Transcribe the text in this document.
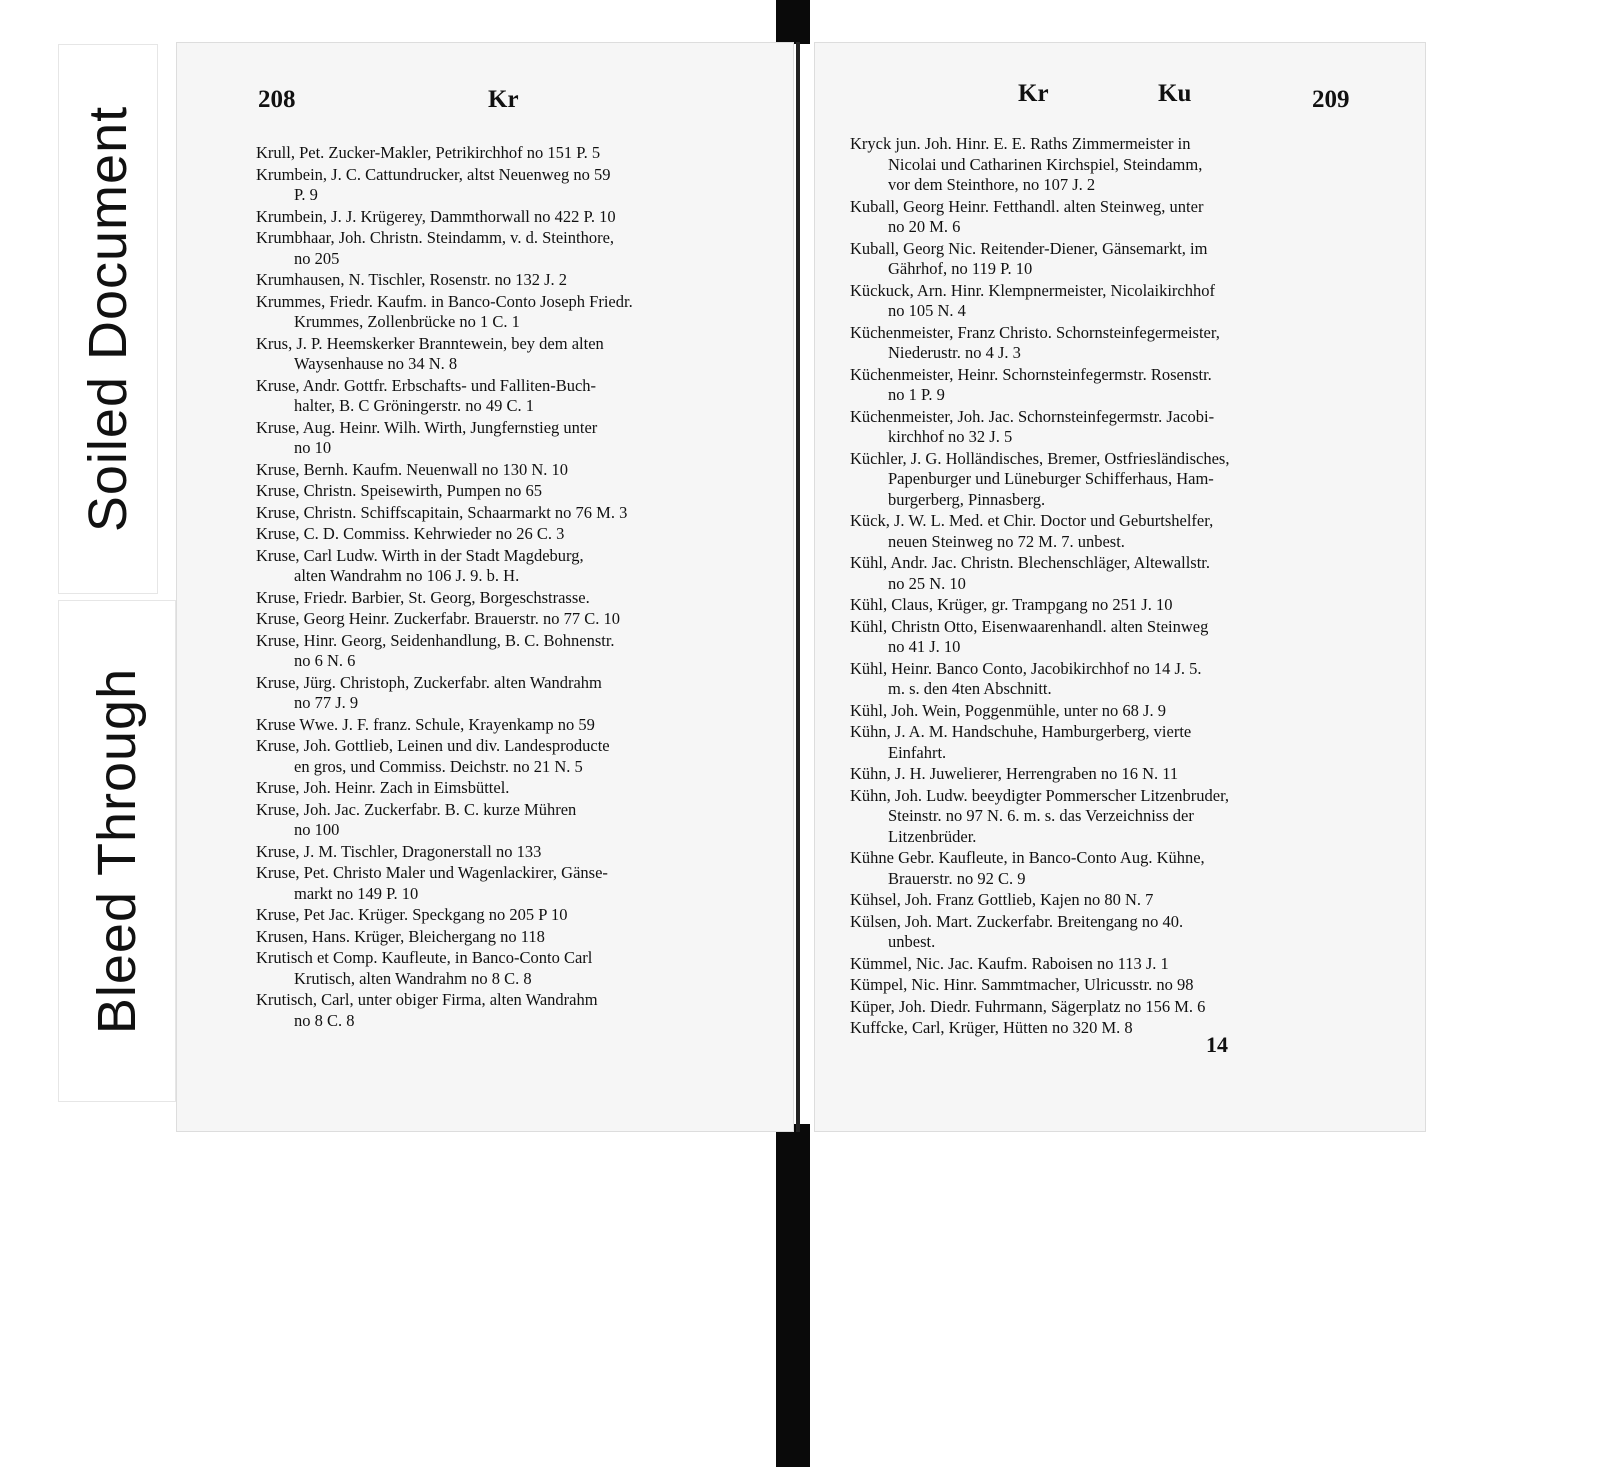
Soiled Document
Bleed Through
208	Kr	Kr	Ku	209
Krull, Pet. Zucker-Makler, Petrikirchhof no 151 P. 5
Krumbein, J. C. Cattundrucker, altst Neuenweg no 59
P. 9
Krumbein, J. J. Krügerey, Dammthorwall no 422 P. 10
Krumbhaar, Joh. Christn. Steindamm, v. d. Steinthore,
no 205
Krumhausen, N. Tischler, Rosenstr. no 132 J. 2
Krummes, Friedr. Kaufm. in Banco-Conto Joseph Friedr.
Krummes, Zollenbrücke no 1 C. 1
Krus, J. P. Heemskerker Branntewein, bey dem alten
Waysenhause no 34 N. 8
Kruse, Andr. Gottfr. Erbschafts- und Falliten-Buch-
halter, B. C Gröningerstr. no 49 C. 1
Kruse, Aug. Heinr. Wilh. Wirth, Jungfernstieg unter
no 10
Kruse, Bernh. Kaufm. Neuenwall no 130 N. 10
Kruse, Christn. Speisewirth, Pumpen no 65
Kruse, Christn. Schiffscapitain, Schaarmarkt no 76 M. 3
Kruse, C. D. Commiss. Kehrwieder no 26 C. 3
Kruse, Carl Ludw. Wirth in der Stadt Magdeburg,
alten Wandrahm no 106 J. 9. b. H.
Kruse, Friedr. Barbier, St. Georg, Borgeschstrasse.
Kruse, Georg Heinr. Zuckerfabr. Brauerstr. no 77 C. 10
Kruse, Hinr. Georg, Seidenhandlung, B. C. Bohnenstr.
no 6 N. 6
Kruse, Jürg. Christoph, Zuckerfabr. alten Wandrahm
no 77 J. 9
Kruse Wwe. J. F. franz. Schule, Krayenkamp no 59
Kruse, Joh. Gottlieb, Leinen und div. Landesproducte
en gros, und Commiss. Deichstr. no 21 N. 5
Kruse, Joh. Heinr. Zach in Eimsbüttel.
Kruse, Joh. Jac. Zuckerfabr. B. C. kurze Mühren
no 100
Kruse, J. M. Tischler, Dragonerstall no 133
Kruse, Pet. Christo Maler und Wagenlackirer, Gänse-
markt no 149 P. 10
Kruse, Pet Jac. Krüger. Speckgang no 205 P 10
Krusen, Hans. Krüger, Bleichergang no 118
Krutisch et Comp. Kaufleute, in Banco-Conto Carl
Krutisch, alten Wandrahm no 8 C. 8
Krutisch, Carl, unter obiger Firma, alten Wandrahm
no 8 C. 8
Kryck jun. Joh. Hinr. E. E. Raths Zimmermeister in
Nicolai und Catharinen Kirchspiel, Steindamm,
vor dem Steinthore, no 107 J. 2
Kuball, Georg Heinr. Fetthandl. alten Steinweg, unter
no 20 M. 6
Kuball, Georg Nic. Reitender-Diener, Gänsemarkt, im
Gährhof, no 119 P. 10
Kückuck, Arn. Hinr. Klempnermeister, Nicolaikirchhof
no 105 N. 4
Küchenmeister, Franz Christo. Schornsteinfegermeister,
Niederustr. no 4 J. 3
Küchenmeister, Heinr. Schornsteinfegermstr. Rosenstr.
no 1 P. 9
Küchenmeister, Joh. Jac. Schornsteinfegermstr. Jacobi-
kirchhof no 32 J. 5
Küchler, J. G. Holländisches, Bremer, Ostfriesländisches,
Papenburger und Lüneburger Schifferhaus, Ham-
burgerberg, Pinnasberg.
Kück, J. W. L. Med. et Chir. Doctor und Geburtshelfer,
neuen Steinweg no 72 M. 7. unbest.
Kühl, Andr. Jac. Christn. Blechenschläger, Altewallstr.
no 25 N. 10
Kühl, Claus, Krüger, gr. Trampgang no 251 J. 10
Kühl, Christn Otto, Eisenwaarenhandl. alten Steinweg
no 41 J. 10
Kühl, Heinr. Banco Conto, Jacobikirchhof no 14 J. 5.
m. s. den 4ten Abschnitt.
Kühl, Joh. Wein, Poggenmühle, unter no 68 J. 9
Kühn, J. A. M. Handschuhe, Hamburgerberg, vierte
Einfahrt.
Kühn, J. H. Juwelierer, Herrengraben no 16 N. 11
Kühn, Joh. Ludw. beeydigter Pommerscher Litzenbruder,
Steinstr. no 97 N. 6. m. s. das Verzeichniss der
Litzenbrüder.
Kühne Gebr. Kaufleute, in Banco-Conto Aug. Kühne,
Brauerstr. no 92 C. 9
Kühsel, Joh. Franz Gottlieb, Kajen no 80 N. 7
Külsen, Joh. Mart. Zuckerfabr. Breitengang no 40.
unbest.
Kümmel, Nic. Jac. Kaufm. Raboisen no 113 J. 1
Kümpel, Nic. Hinr. Sammtmacher, Ulricusstr. no 98
Küper, Joh. Diedr. Fuhrmann, Sägerplatz no 156 M. 6
Kuffcke, Carl, Krüger, Hütten no 320 M. 8
14
